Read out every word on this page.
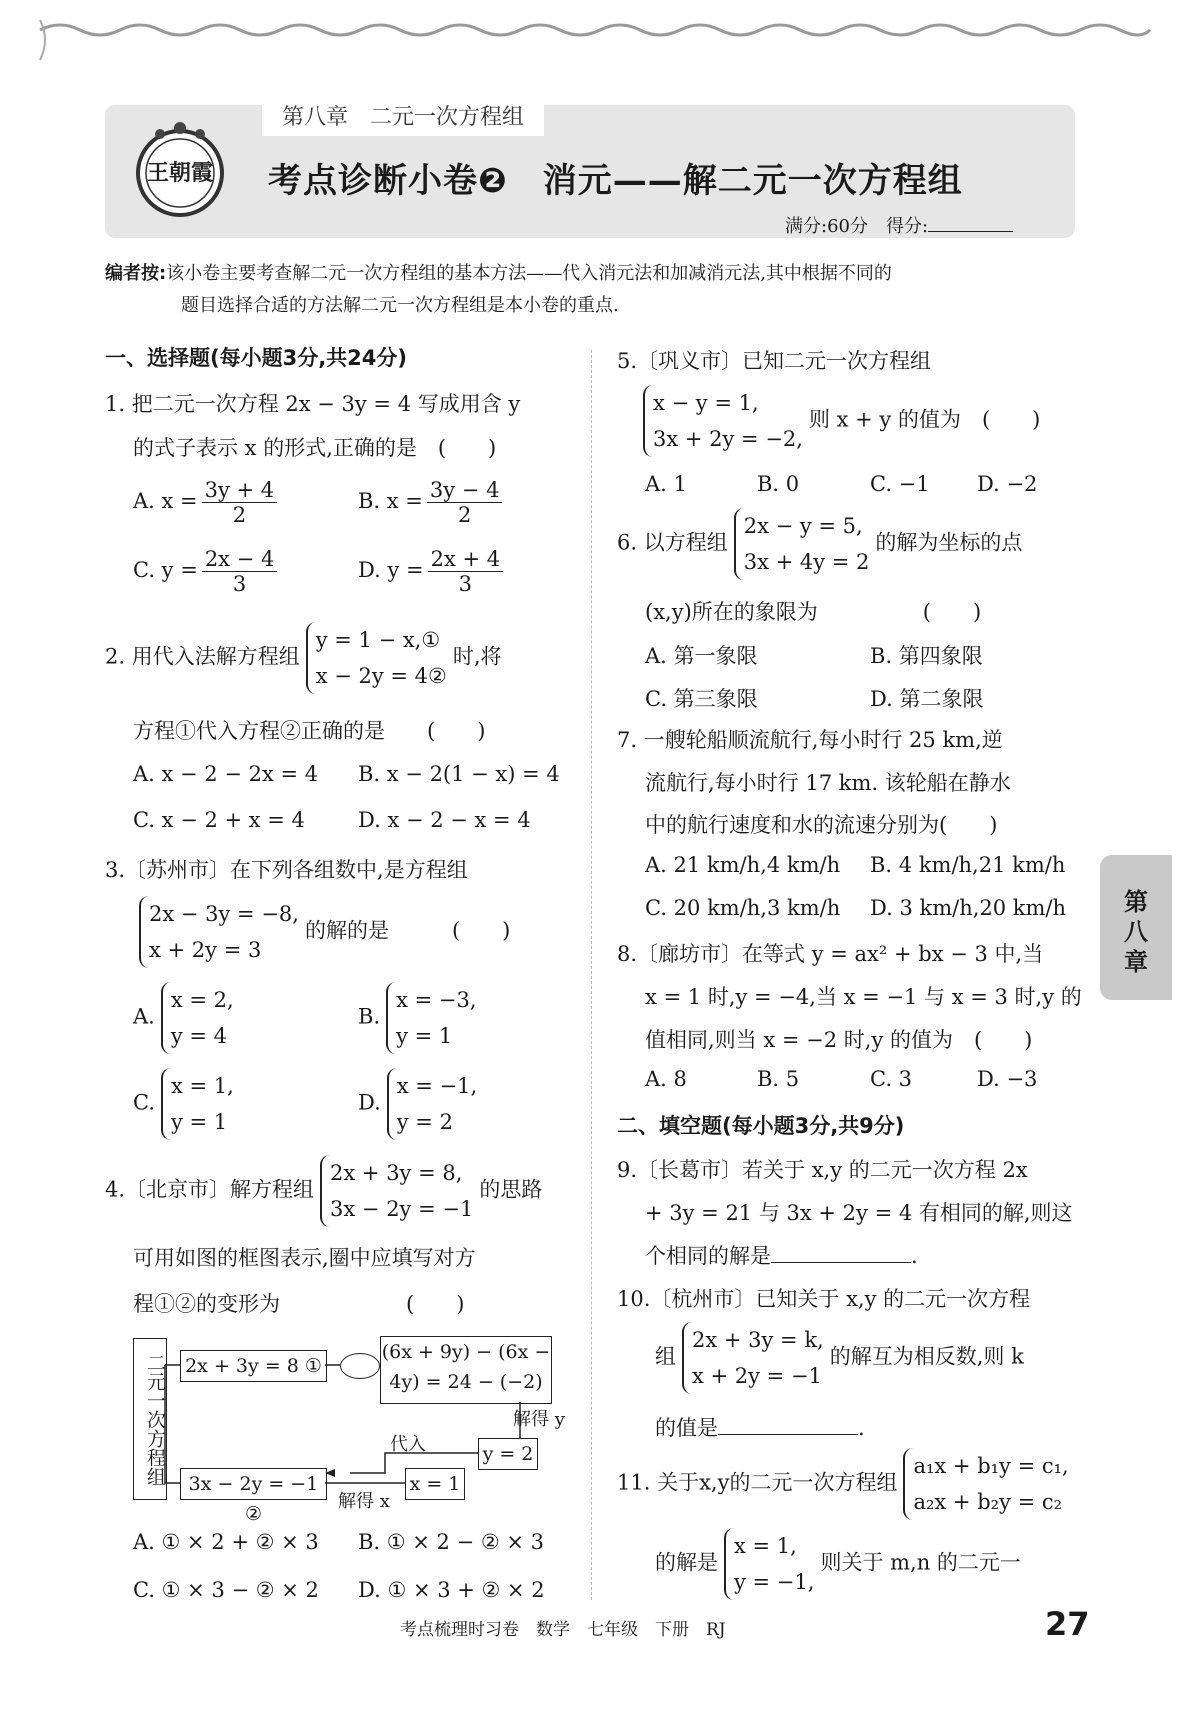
王朝霞
第八章　二元一次方程组
考点诊断小卷❷　消元——解二元一次方程组
满分:60分　得分:
编者按:该小卷主要考查解二元一次方程组的基本方法——代入消元法和加减消元法,其中根据不同的
题目选择合适的方法解二元一次方程组是本小卷的重点.
一、选择题(每小题3分,共24分)
1. 把二元一次方程 2x − 3y = 4 写成用含 y
的式子表示 x 的形式,正确的是　(　　)
A. $x = \frac{3y + 4}{2}$	B. $x = \frac{3y - 4}{2}$
C. $y = \frac{2x - 4}{3}$	D. $y = \frac{2x + 4}{3}$
2. 用代入法解方程组y = 1 − x,①
x − 2y = 4②时,将
方程①代入方程②正确的是　　(　　)
A. x − 2 − 2x = 4 B. x − 2(1 − x) = 4
C. x − 2 + x = 4	D. x − 2 − x = 4
3.〔苏州市〕在下列各组数中,是方程组
2x − 3y = −8,
x + 2y = 3的解的是　　　(　　)
A.x = 2,
y = 4
B.x = −3,
y = 1
C.x = 1,
y = 1
D.x = −1,
y = 2
4.〔北京市〕解方程组2x + 3y = 8,
3x − 2y = −1的思路
可用如图的框图表示,圈中应填写对方
程①②的变形为　　　　　　(　　)
二元一次方程组 2x + 3y = 8 ①
3x − 2y = −1 ②
(6x + 9y) − (6x −
4y) = 24 − (−2)
解得 y
y = 2
代入
x = 1
解得 x
A. ① × 2 + ② × 3 B. ① × 2 − ② × 3
C. ① × 3 − ② × 2 D. ① × 3 + ② × 2
5.〔巩义市〕已知二元一次方程组
x − y = 1,
3x + 2y = −2,则 x + y 的值为　(　　)
A. 1	B. 0	C. −1 D. −2
6. 以方程组2x − y = 5,
3x + 4y = 2的解为坐标的点
(x,y)所在的象限为　　　　　(　　)
A. 第一象限	B. 第四象限
C. 第三象限	D. 第二象限
7. 一艘轮船顺流航行,每小时行 25 km,逆
流航行,每小时行 17 km. 该轮船在静水
中的航行速度和水的流速分别为(　　)
A. 21 km/h,4 km/h B. 4 km/h,21 km/h
C. 20 km/h,3 km/h D. 3 km/h,20 km/h
8.〔廊坊市〕在等式 y = ax² + bx − 3 中,当
x = 1 时,y = −4,当 x = −1 与 x = 3 时,y 的
值相同,则当 x = −2 时,y 的值为　(　　)
A. 8	B. 5	C. 3	D. −3
二、填空题(每小题3分,共9分)
9.〔长葛市〕若关于 x,y 的二元一次方程 2x
+ 3y = 21 与 3x + 2y = 4 有相同的解,则这
个相同的解是	.
10.〔杭州市〕已知关于 x,y 的二元一次方程
组2x + 3y = k,
x + 2y = −1的解互为相反数,则 k
的值是	.
11. 关于x,y的二元一次方程组a₁x + b₁y = c₁,
a₂x + b₂y = c₂
的解是x = 1,
y = −1,则关于 m,n 的二元一
第八章
考点梳理时习卷　数学　七年级　下册　RJ	27
